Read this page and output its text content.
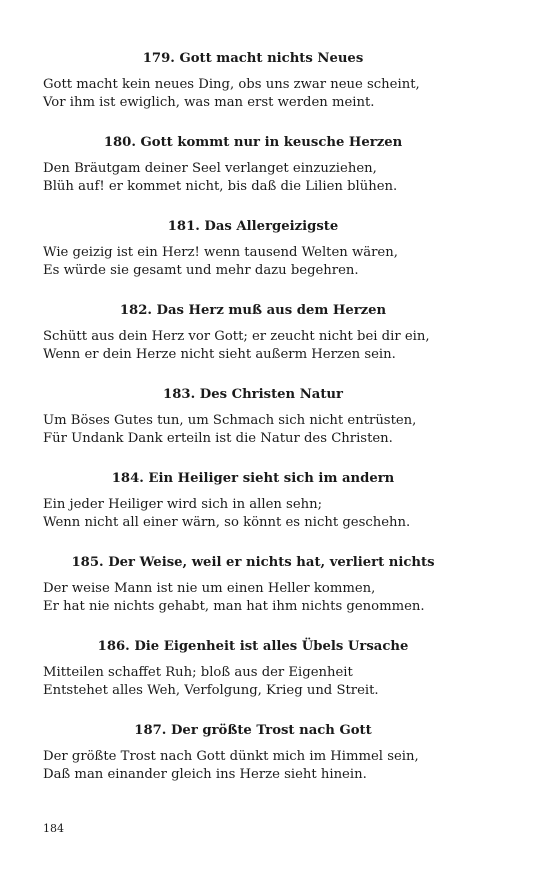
179. Gott macht nichts Neues
Gott macht kein neues Ding, obs uns zwar neue scheint,
Vor ihm ist ewiglich, was man erst werden meint.
180. Gott kommt nur in keusche Herzen
Den Bräutgam deiner Seel verlanget einzuziehen,
Blüh auf! er kommet nicht, bis daß die Lilien blühen.
181. Das Allergeizigste
Wie geizig ist ein Herz! wenn tausend Welten wären,
Es würde sie gesamt und mehr dazu begehren.
182. Das Herz muß aus dem Herzen
Schütt aus dein Herz vor Gott; er zeucht nicht bei dir ein,
Wenn er dein Herze nicht sieht außerm Herzen sein.
183. Des Christen Natur
Um Böses Gutes tun, um Schmach sich nicht entrüsten,
Für Undank Dank erteiln ist die Natur des Christen.
184. Ein Heiliger sieht sich im andern
Ein jeder Heiliger wird sich in allen sehn;
Wenn nicht all einer wärn, so könnt es nicht geschehn.
185. Der Weise, weil er nichts hat, verliert nichts
Der weise Mann ist nie um einen Heller kommen,
Er hat nie nichts gehabt, man hat ihm nichts genommen.
186. Die Eigenheit ist alles Übels Ursache
Mitteilen schaffet Ruh; bloß aus der Eigenheit
Entstehet alles Weh, Verfolgung, Krieg und Streit.
187. Der größte Trost nach Gott
Der größte Trost nach Gott dünkt mich im Himmel sein,
Daß man einander gleich ins Herze sieht hinein.
184
